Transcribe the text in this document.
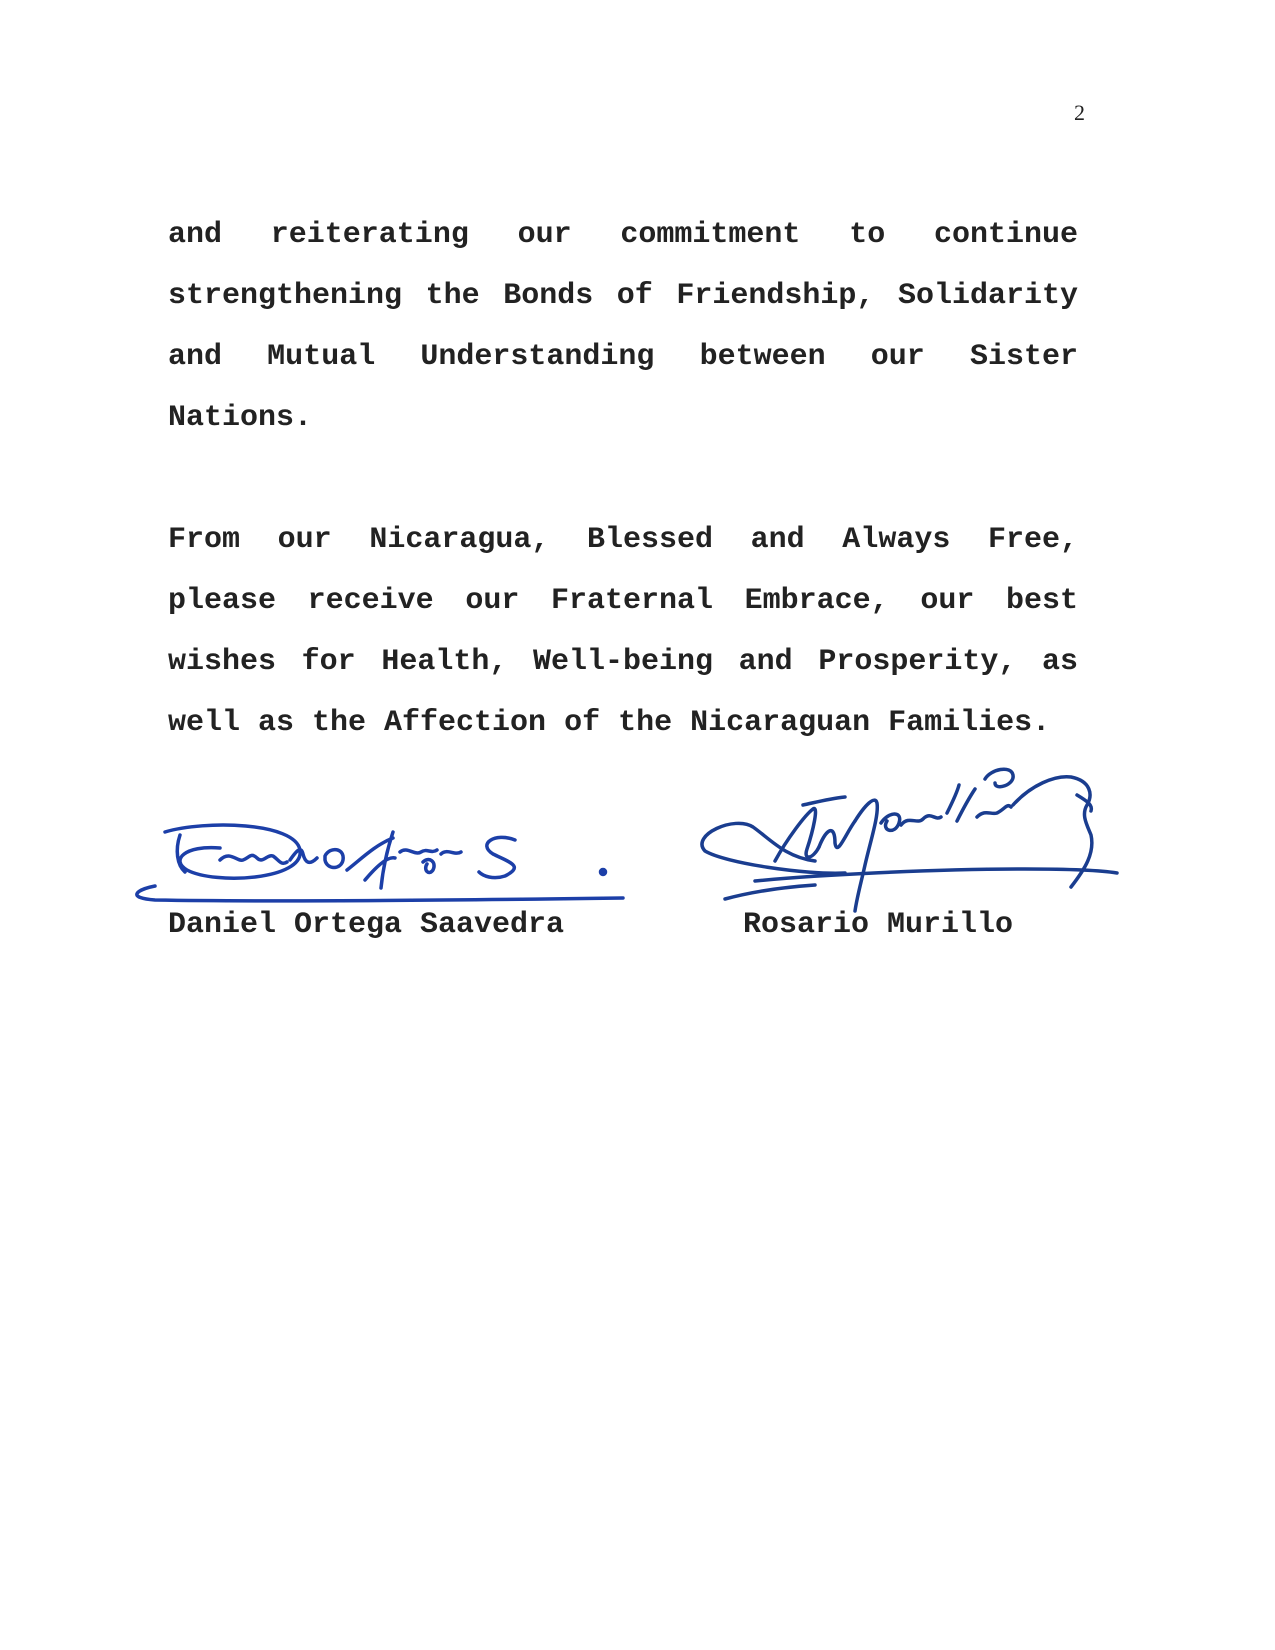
2

and reiterating our commitment to continue strengthening the Bonds of Friendship, Solidarity and Mutual Understanding between our Sister Nations.

From our Nicaragua, Blessed and Always Free, please receive our Fraternal Embrace, our best wishes for Health, Well-being and Prosperity, as well as the Affection of the Nicaraguan Families.

Daniel Ortega Saavedra	Rosario Murillo
